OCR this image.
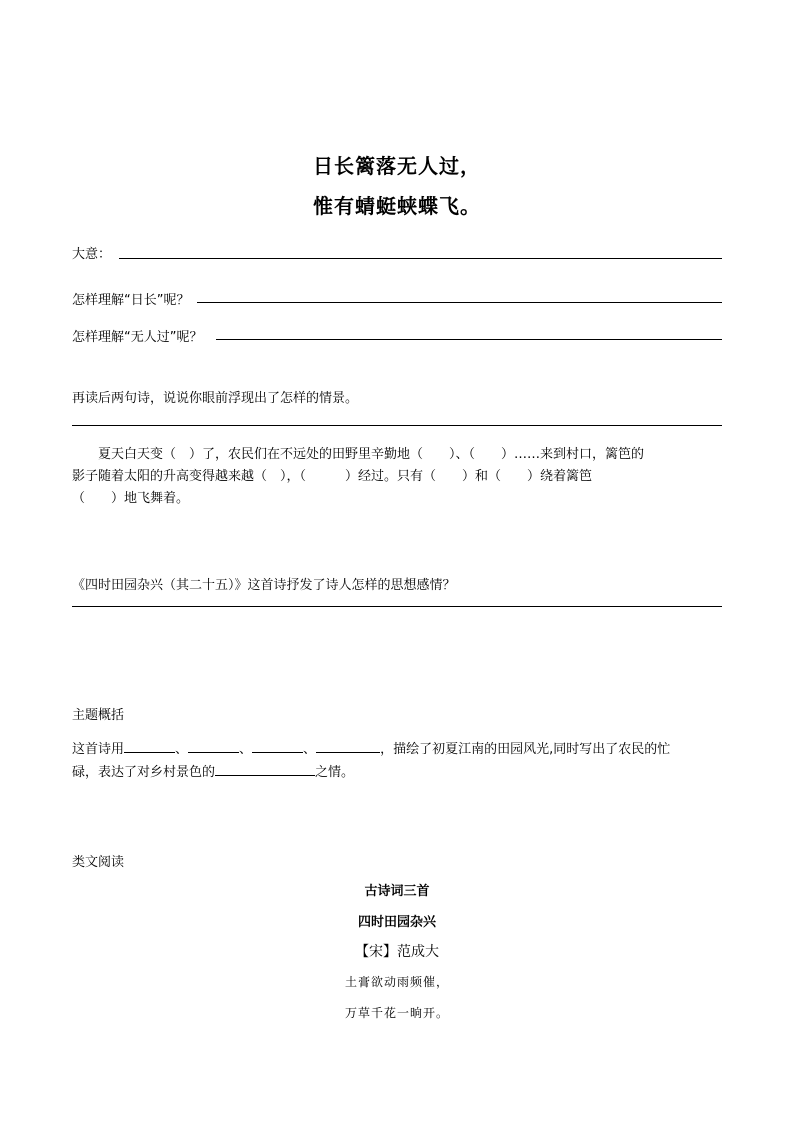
日长篱落无人过，
惟有蜻蜓蛱蝶飞。
大意：
怎样理解“日长”呢？
怎样理解“无人过”呢？
再读后两句诗，说说你眼前浮现出了怎样的情景。

夏天白天变（　）了，农民们在不远处的田野里辛勤地（　　）、（　　）……来到村口，篱笆的

影子随着太阳的升高变得越来越（　），（　　　）经过。只有（　　）和（　　）绕着篱笆

（　　）地飞舞着。

《四时田园杂兴（其二十五）》这首诗抒发了诗人怎样的思想感情？
主题概括

这首诗用	、	、	、	，描绘了初夏江南的田园风光,同时写出了农民的忙

碌，表达了对乡村景色的	之情。

类文阅读
古诗词三首
四时田园杂兴
【宋】范成大
土膏欲动雨频催，
万草千花一晌开。
